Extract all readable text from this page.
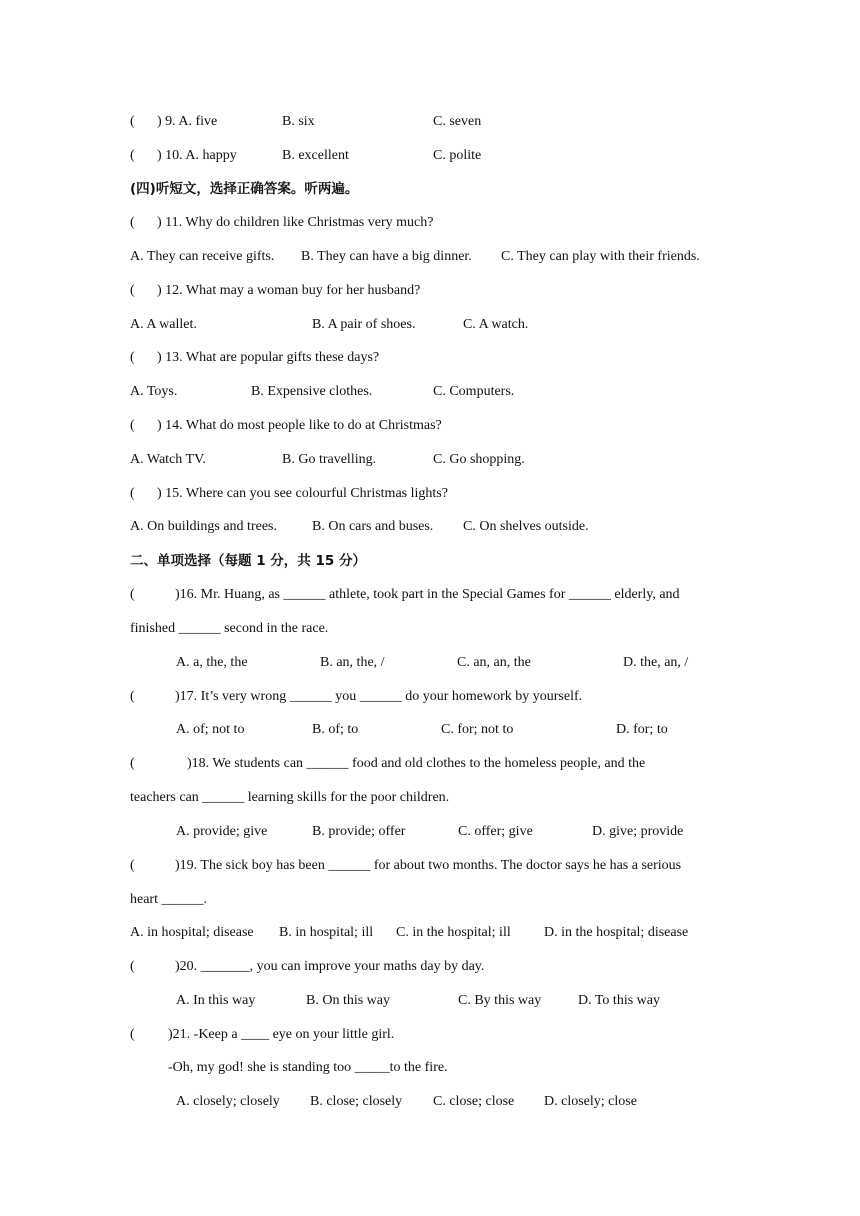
( ) 9. A. five	B. six	C. seven
( ) 10. A. happy	B. excellent	C. polite
(四)听短文，选择正确答案。听两遍。
( ) 11. Why do children like Christmas very much?
A. They can receive gifts. B. They can have a big dinner. C. They can play with their friends.
( ) 12. What may a woman buy for her husband?
A. A wallet.	B. A pair of shoes.	C. A watch.
( ) 13. What are popular gifts these days?
A. Toys.	B. Expensive clothes.	C. Computers.
( ) 14. What do most people like to do at Christmas?
A. Watch TV.	B. Go travelling.	C. Go shopping.
( ) 15. Where can you see colourful Christmas lights?
A. On buildings and trees.	B. On cars and buses. C. On shelves outside.
二、单项选择（每题 1 分，共 15 分）
(	)16. Mr. Huang, as ______ athlete, took part in the Special Games for ______ elderly, and
finished ______ second in the race.
A. a, the, the	B. an, the, /	C. an, an, the	D. the, an, /
(	)17. It’s very wrong ______ you ______ do your homework by yourself.
A. of; not to	B. of; to	C. for; not to	D. for; to
(	)18. We students can ______ food and old clothes to the homeless people, and the
teachers can ______ learning skills for the poor children.
A. provide; give	B. provide; offer	C. offer; give	D. give; provide
(	)19. The sick boy has been ______ for about two months. The doctor says he has a serious
heart ______.
A. in hospital; disease B. in hospital; ill C. in the hospital; ill D. in the hospital; disease
(	)20. _______, you can improve your maths day by day.
A. In this way	B. On this way	C. By this way	D. To this way
( )21. -Keep a ____ eye on your little girl.
-Oh, my god! she is standing too _____to the fire.
A. closely; closely B. close; closely C. close; close D. closely; close
